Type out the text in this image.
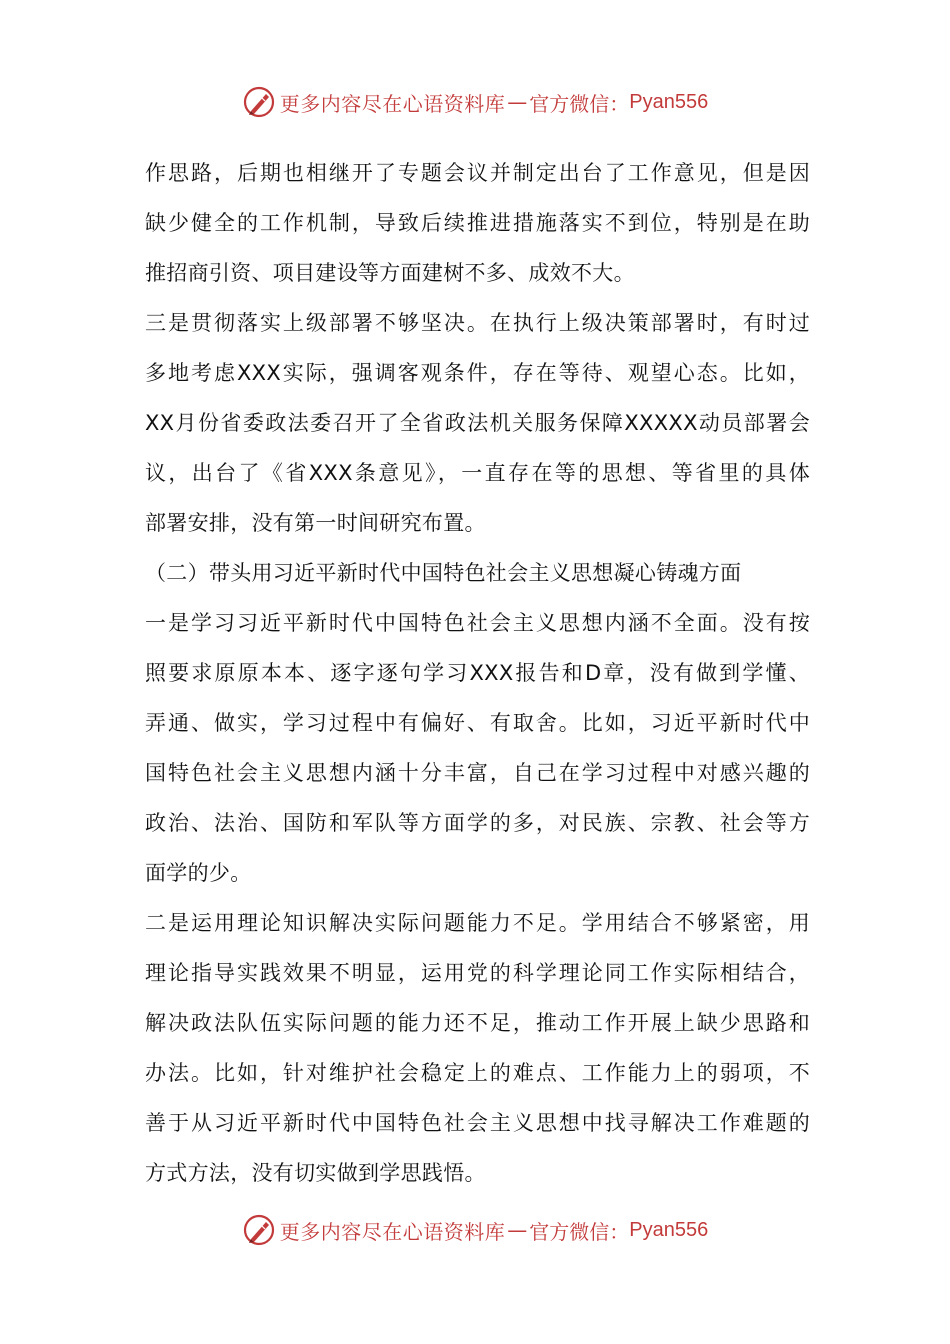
更多内容尽在心语资料库 — 官方微信： Pyan556
作思路，后期也相继开了专题会议并制定出台了工作意见，但是因
缺少健全的工作机制，导致后续推进措施落实不到位，特别是在助
推招商引资、项目建设等方面建树不多、成效不大。
三是贯彻落实上级部署不够坚决。在执行上级决策部署时，有时过
多地考虑XXX实际，强调客观条件，存在等待、观望心态。比如，
XX月份省委政法委召开了全省政法机关服务保障XXXXX动员部署会
议，出台了《省XXX条意见》，一直存在等的思想、等省里的具体
部署安排，没有第一时间研究布置。
（二）带头用习近平新时代中国特色社会主义思想凝心铸魂方面
一是学习习近平新时代中国特色社会主义思想内涵不全面。没有按
照要求原原本本、逐字逐句学习XXX报告和D章，没有做到学懂、
弄通、做实，学习过程中有偏好、有取舍。比如，习近平新时代中
国特色社会主义思想内涵十分丰富，自己在学习过程中对感兴趣的
政治、法治、国防和军队等方面学的多，对民族、宗教、社会等方
面学的少。
二是运用理论知识解决实际问题能力不足。学用结合不够紧密，用
理论指导实践效果不明显，运用党的科学理论同工作实际相结合，
解决政法队伍实际问题的能力还不足，推动工作开展上缺少思路和
办法。比如，针对维护社会稳定上的难点、工作能力上的弱项，不
善于从习近平新时代中国特色社会主义思想中找寻解决工作难题的
方式方法，没有切实做到学思践悟。
更多内容尽在心语资料库 — 官方微信： Pyan556
